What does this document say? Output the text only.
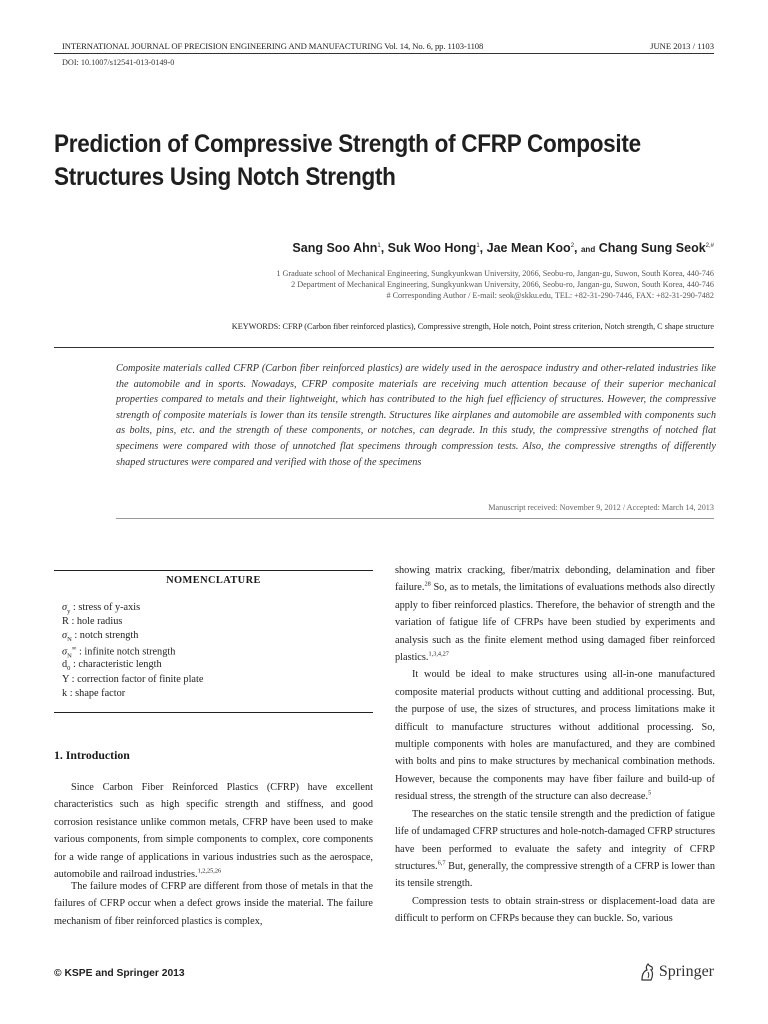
INTERNATIONAL JOURNAL OF PRECISION ENGINEERING AND MANUFACTURING Vol. 14, No. 6, pp. 1103-1108	JUNE 2013 / 1103
DOI: 10.1007/s12541-013-0149-0
Prediction of Compressive Strength of CFRP Composite Structures Using Notch Strength
Sang Soo Ahn$^1$, Suk Woo Hong$^1$, Jae Mean Koo$^2$, and Chang Sung Seok$^{2,\#}$
1 Graduate school of Mechanical Engineering, Sungkyunkwan University, 2066, Seobu-ro, Jangan-gu, Suwon, South Korea, 440-746
2 Department of Mechanical Engineering, Sungkyunkwan University, 2066, Seobu-ro, Jangan-gu, Suwon, South Korea, 440-746
# Corresponding Author / E-mail: seok@skku.edu, TEL: +82-31-290-7446, FAX: +82-31-290-7482
KEYWORDS: CFRP (Carbon fiber reinforced plastics), Compressive strength, Hole notch, Point stress criterion, Notch strength, C shape structure

Composite materials called CFRP (Carbon fiber reinforced plastics) are widely used in the aerospace industry and other-related industries like the automobile and in sports. Nowadays, CFRP composite materials are receiving much attention because of their superior mechanical properties compared to metals and their lightweight, which has contributed to the high fuel efficiency of structures. However, the compressive strength of composite materials is lower than its tensile strength. Structures like airplanes and automobile are assembled with components such as bolts, pins, etc. and the strength of these components, or notches, can degrade. In this study, the compressive strengths of notched flat specimens were compared with those of unnotched flat specimens through compression tests. Also, the compressive strengths of differently shaped structures were compared and verified with those of the specimens

Manuscript received: November 9, 2012 / Accepted: March 14, 2013
NOMENCLATURE
$\sigma_y$ : stress of y-axis
R : hole radius
$\sigma_N$ : notch strength
$\sigma_N^\infty$ : infinite notch strength
$d_0$ : characteristic length
Y : correction factor of finite plate
k : shape factor
1. Introduction

Since Carbon Fiber Reinforced Plastics (CFRP) have excellent characteristics such as high specific strength and stiffness, and good corrosion resistance unlike common metals, CFRP have been used to make various components, from simple components to complex, core components for a wide range of applications in various industries such as the aerospace, automobile and railroad industries.$^{1,2,25,26}$

The failure modes of CFRP are different from those of metals in that the failures of CFRP occur when a defect grows inside the material. The failure mechanism of fiber reinforced plastics is complex,

showing matrix cracking, fiber/matrix debonding, delamination and fiber failure.$^{28}$ So, as to metals, the limitations of evaluations methods also directly apply to fiber reinforced plastics. Therefore, the behavior of strength and the variation of fatigue life of CFRPs have been studied by experiments and analysis such as the finite element method using damaged fiber reinforced plastics.$^{1,3,4,27}$

It would be ideal to make structures using all-in-one manufactured composite material products without cutting and additional processing. But, the purpose of use, the sizes of structures, and process limitations make it difficult to manufacture structures without additional processing. So, multiple components with holes are manufactured, and they are combined with bolts and pins to make structures by mechanical combination methods. However, because the components may have fiber failure and build-up of residual stress, the strength of the structure can also decrease.$^5$

The researches on the static tensile strength and the prediction of fatigue life of undamaged CFRP structures and hole-notch-damaged CFRP structures have been performed to evaluate the safety and integrity of CFRP structures.$^{6,7}$ But, generally, the compressive strength of a CFRP is lower than its tensile strength.

Compression tests to obtain strain-stress or displacement-load data are difficult to perform on CFRPs because they can buckle. So, various

© KSPE and Springer 2013	Springer
